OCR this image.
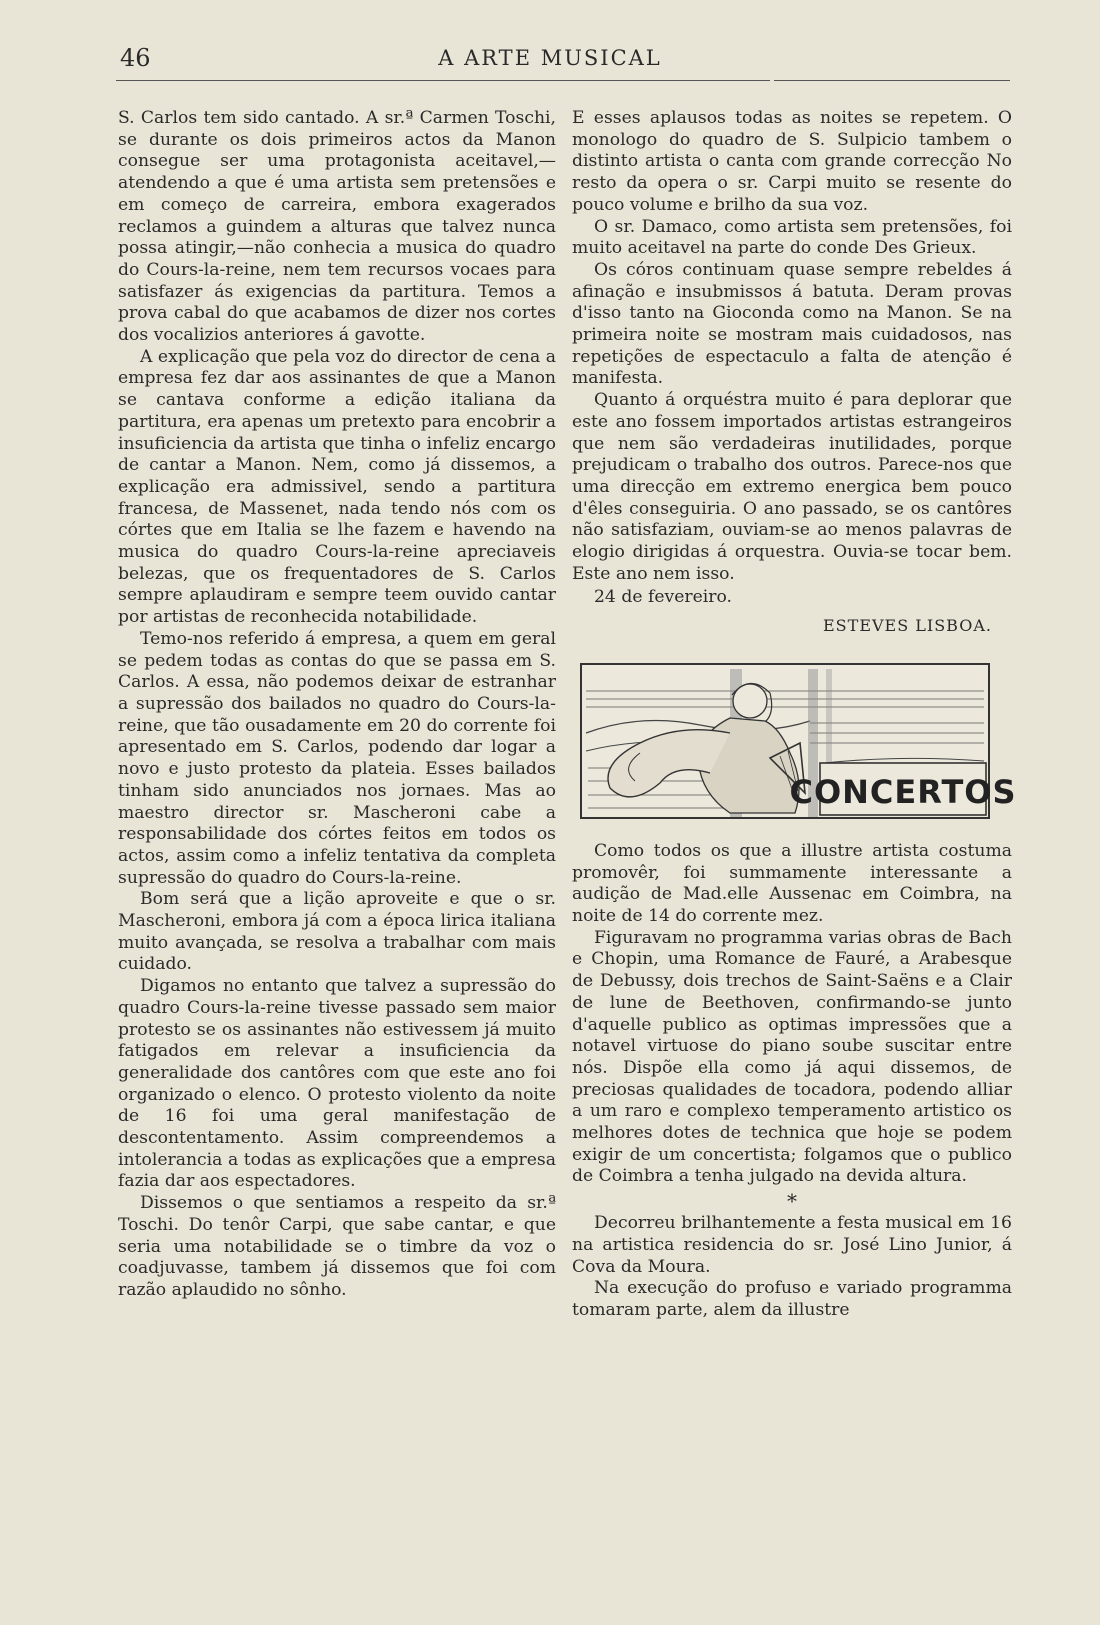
46	A ARTE MUSICAL

S. Carlos tem sido cantado. A sr.ª Carmen Toschi, se durante os dois primeiros actos da Manon consegue ser uma protagonista aceitavel,—atendendo a que é uma artista sem pretensões e em começo de carreira, embora exagerados reclamos a guindem a alturas que talvez nunca possa atingir,—não conhecia a musica do quadro do Cours-la-reine, nem tem recursos vocaes para satisfazer ás exigencias da partitura. Temos a prova cabal do que acabamos de dizer nos cortes dos vocalizios anteriores á gavotte.

A explicação que pela voz do director de cena a empresa fez dar aos assinantes de que a Manon se cantava conforme a edição italiana da partitura, era apenas um pretexto para encobrir a insuficiencia da artista que tinha o infeliz encargo de cantar a Manon. Nem, como já dissemos, a explicação era admissivel, sendo a partitura francesa, de Massenet, nada tendo nós com os córtes que em Italia se lhe fazem e havendo na musica do quadro Cours-la-reine apreciaveis belezas, que os frequentadores de S. Carlos sempre aplaudiram e sempre teem ouvido cantar por artistas de reconhecida notabilidade.

Temo-nos referido á empresa, a quem em geral se pedem todas as contas do que se passa em S. Carlos. A essa, não podemos deixar de estranhar a supressão dos bailados no quadro do Cours-la-reine, que tão ousadamente em 20 do corrente foi apresentado em S. Carlos, podendo dar logar a novo e justo protesto da plateia. Esses bailados tinham sido anunciados nos jornaes. Mas ao maestro director sr. Mascheroni cabe a responsabilidade dos córtes feitos em todos os actos, assim como a infeliz tentativa da completa supressão do quadro do Cours-la-reine.

Bom será que a lição aproveite e que o sr. Mascheroni, embora já com a época lirica italiana muito avançada, se resolva a trabalhar com mais cuidado.

Digamos no entanto que talvez a supressão do quadro Cours-la-reine tivesse passado sem maior protesto se os assinantes não estivessem já muito fatigados em relevar a insuficiencia da generalidade dos cantôres com que este ano foi organizado o elenco. O protesto violento da noite de 16 foi uma geral manifestação de descontentamento. Assim compreendemos a intolerancia a todas as explicações que a empresa fazia dar aos espectadores.

Dissemos o que sentiamos a respeito da sr.ª Toschi. Do tenôr Carpi, que sabe cantar, e que seria uma notabilidade se o timbre da voz o coadjuvasse, tambem já dissemos que foi com razão aplaudido no sônho.

E esses aplausos todas as noites se repetem. O monologo do quadro de S. Sulpicio tambem o distinto artista o canta com grande correcção No resto da opera o sr. Carpi muito se resente do pouco volume e brilho da sua voz.

O sr. Damaco, como artista sem pretensões, foi muito aceitavel na parte do conde Des Grieux.

Os córos continuam quase sempre rebeldes á afinação e insubmissos á batuta. Deram provas d'isso tanto na Gioconda como na Manon. Se na primeira noite se mostram mais cuidadosos, nas repetições de espectaculo a falta de atenção é manifesta.

Quanto á orquéstra muito é para deplorar que este ano fossem importados artistas estrangeiros que nem são verdadeiras inutilidades, porque prejudicam o trabalho dos outros. Parece-nos que uma direcção em extremo energica bem pouco d'êles conseguiria. O ano passado, se os cantôres não satisfaziam, ouviam-se ao menos palavras de elogio dirigidas á orquestra. Ouvia-se tocar bem. Este ano nem isso.

24 de fevereiro.
ESTEVES LISBOA.
CONCERTOS

Como todos os que a illustre artista costuma promovêr, foi summamente interessante a audição de Mad.elle Aussenac em Coimbra, na noite de 14 do corrente mez.

Figuravam no programma varias obras de Bach e Chopin, uma Romance de Fauré, a Arabesque de Debussy, dois trechos de Saint-Saëns e a Clair de lune de Beethoven, confirmando-se junto d'aquelle publico as optimas impressões que a notavel virtuose do piano soube suscitar entre nós. Dispõe ella como já aqui dissemos, de preciosas qualidades de tocadora, podendo alliar a um raro e complexo temperamento artistico os melhores dotes de technica que hoje se podem exigir de um concertista; folgamos que o publico de Coimbra a tenha julgado na devida altura.

*

Decorreu brilhantemente a festa musical em 16 na artistica residencia do sr. José Lino Junior, á Cova da Moura.

Na execução do profuso e variado programma tomaram parte, alem da illustre
